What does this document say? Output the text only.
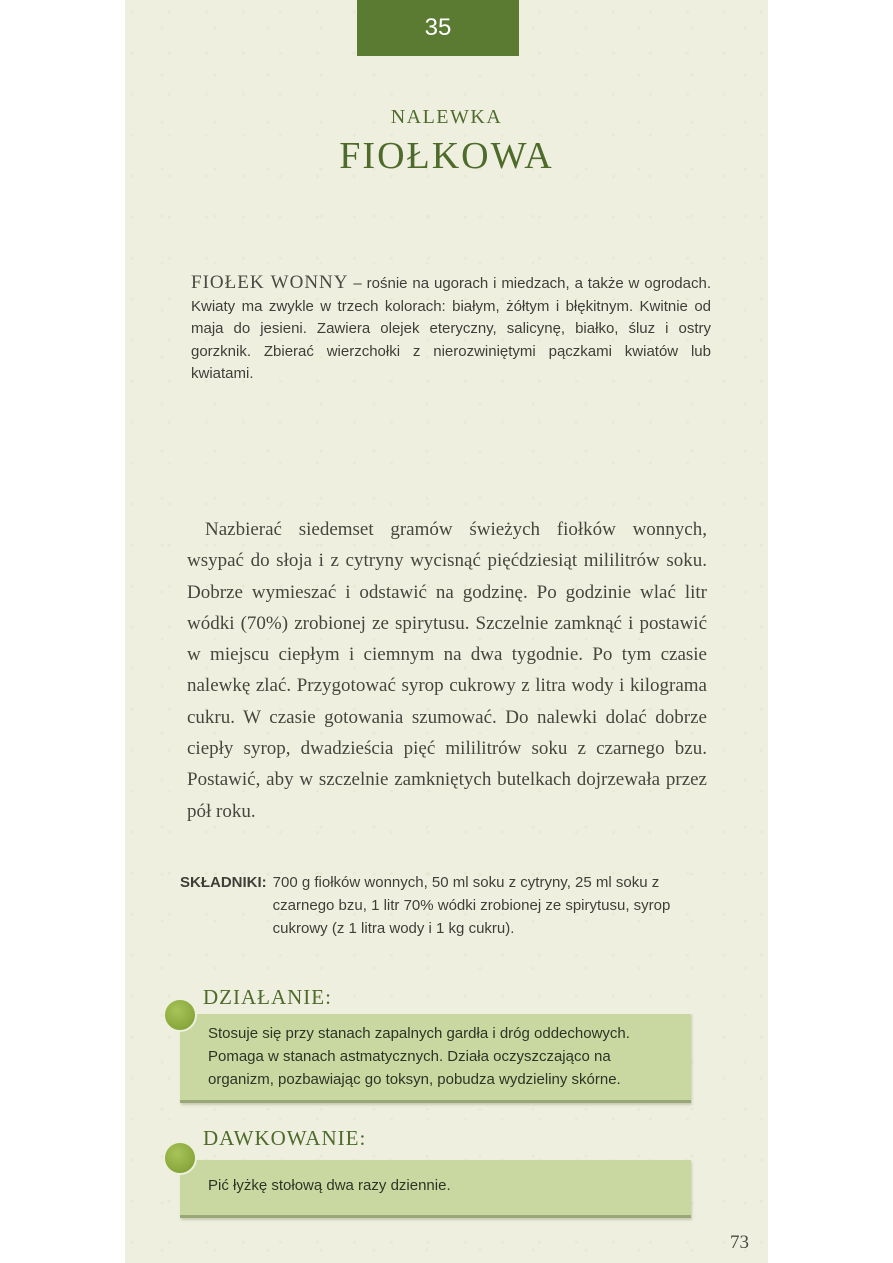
35
NALEWKA
FIOŁKOWA
FIOŁEK WONNY – rośnie na ugorach i miedzach, a także w ogrodach. Kwiaty ma zwykle w trzech kolorach: białym, żółtym i błękitnym. Kwitnie od maja do jesieni. Zawiera olejek eteryczny, salicynę, białko, śluz i ostry gorzknik. Zbierać wierzchołki z nierozwiniętymi pączkami kwiatów lub kwiatami.
Nazbierać siedemset gramów świeżych fiołków wonnych, wsypać do słoja i z cytryny wycisnąć pięćdziesiąt mililitrów soku. Dobrze wymieszać i odstawić na godzinę. Po godzinie wlać litr wódki (70%) zrobionej ze spirytusu. Szczelnie zamknąć i postawić w miejscu ciepłym i ciemnym na dwa tygodnie. Po tym czasie nalewkę zlać. Przygotować syrop cukrowy z litra wody i kilograma cukru. W czasie gotowania szumować. Do nalewki dolać dobrze ciepły syrop, dwadzieścia pięć mililitrów soku z czarnego bzu. Postawić, aby w szczelnie zamkniętych butelkach dojrzewała przez pół roku.
SKŁADNIKI: 700 g fiołków wonnych, 50 ml soku z cytryny, 25 ml soku z czarnego bzu, 1 litr 70% wódki zrobionej ze spirytusu, syrop cukrowy (z 1 litra wody i 1 kg cukru).
DZIAŁANIE:
Stosuje się przy stanach zapalnych gardła i dróg oddechowych. Pomaga w stanach astmatycznych. Działa oczyszczająco na organizm, pozbawiając go toksyn, pobudza wydzieliny skórne.
DAWKOWANIE:
Pić łyżkę stołową dwa razy dziennie.
73
